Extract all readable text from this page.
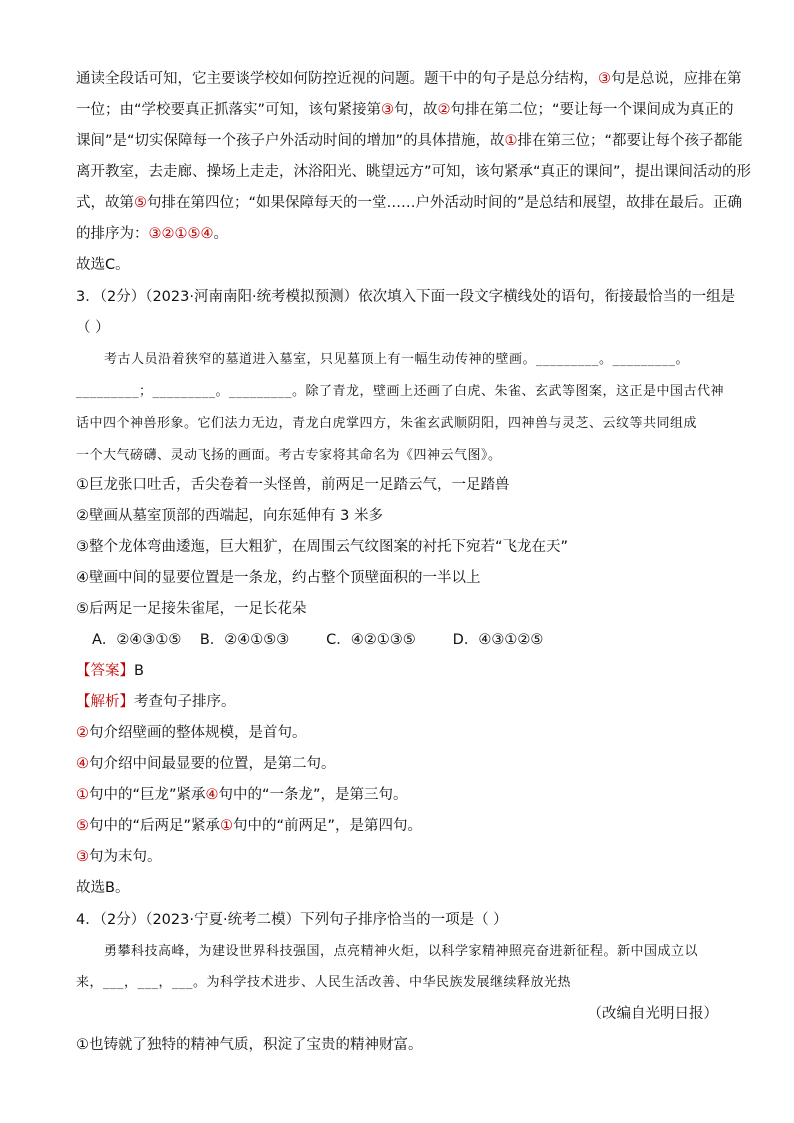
通读全段话可知，它主要谈学校如何防控近视的问题。题干中的句子是总分结构，③句是总说，应排在第
一位；由“学校要真正抓落实”可知，该句紧接第③句，故②句排在第二位；“要让每一个课间成为真正的
课间”是“切实保障每一个孩子户外活动时间的增加”的具体措施，故①排在第三位；“都要让每个孩子都能
离开教室，去走廊、操场上走走，沐浴阳光、眺望远方”可知，该句紧承“真正的课间”，提出课间活动的形
式，故第⑤句排在第四位；“如果保障每天的一堂……户外活动时间的”是总结和展望，故排在最后。正确
的排序为：③②①⑤④。
故选C。
3．（2分）（2023·河南南阳·统考模拟预测）依次填入下面一段文字横线处的语句，衔接最恰当的一组是
（ ）
考古人员沿着狭窄的墓道进入墓室，只见墓顶上有一幅生动传神的壁画。_________。_________。
_________；_________。_________。除了青龙，壁画上还画了白虎、朱雀、玄武等图案，这正是中国古代神
话中四个神兽形象。它们法力无边，青龙白虎掌四方，朱雀玄武顺阴阳，四神兽与灵芝、云纹等共同组成
一个大气磅礴、灵动飞扬的画面。考古专家将其命名为《四神云气图》。
①巨龙张口吐舌，舌尖卷着一头怪兽，前两足一足踏云气，一足踏兽
②壁画从墓室顶部的西端起，向东延伸有 3 米多
③整个龙体弯曲逶迤，巨大粗犷，在周围云气纹图案的衬托下宛若“飞龙在天”
④壁画中间的显要位置是一条龙，约占整个顶壁面积的一半以上
⑤后两足一足接朱雀尾，一足长花朵
A．②④③①⑤    B．②④①⑤③        C．④②①③⑤        D．④③①②⑤
【答案】B
【解析】考查句子排序。
②句介绍壁画的整体规模，是首句。
④句介绍中间最显要的位置，是第二句。
①句中的“巨龙”紧承④句中的“一条龙”，是第三句。
⑤句中的“后两足”紧承①句中的“前两足”，是第四句。
③句为末句。
故选B。
4．（2分）（2023·宁夏·统考二模）下列句子排序恰当的一项是（ ）
勇攀科技高峰，为建设世界科技强国，点亮精神火炬，以科学家精神照亮奋进新征程。新中国成立以
来，___，___，___。为科学技术进步、人民生活改善、中华民族发展继续释放光热
（改编自光明日报）
①也铸就了独特的精神气质，积淀了宝贵的精神财富。
